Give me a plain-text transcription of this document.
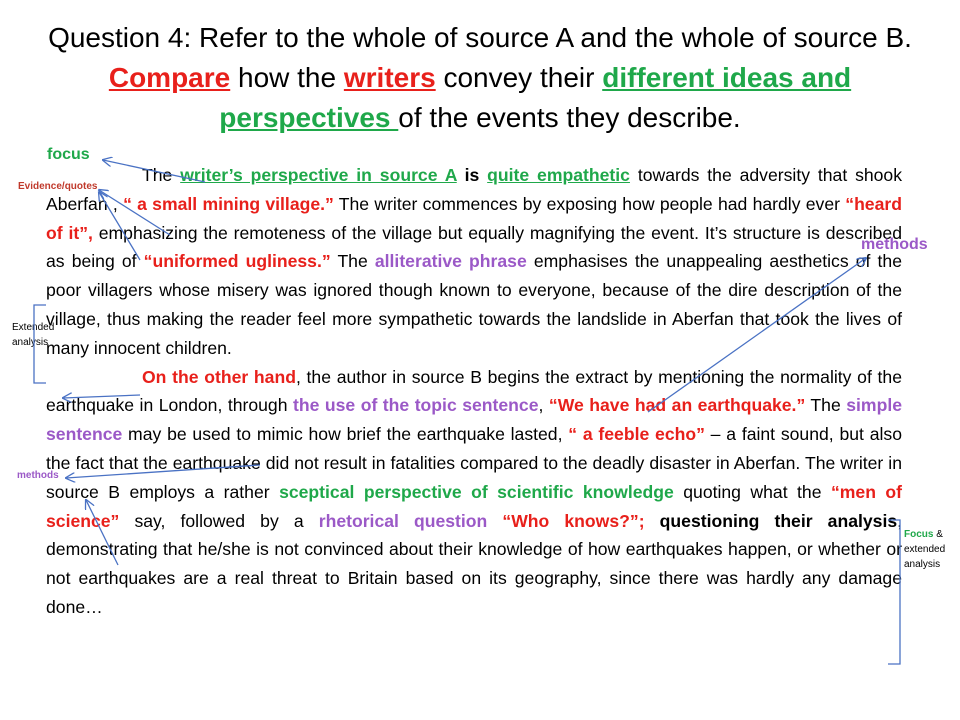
Question 4: Refer to the whole of source A and the whole of source B. Compare how the writers convey their different ideas and perspectives of the events they describe.

The writer’s perspective in source A is quite empathetic towards the adversity that shook Aberfan , “ a small mining village.” The writer commences by exposing how people had hardly ever “heard of it”, emphasizing the remoteness of the village but equally magnifying the event. It’s structure is described as being of “uniformed ugliness.” The alliterative phrase emphasises the unappealing aesthetics of the poor villagers whose misery was ignored though known to everyone, because of the dire description of the village, thus making the reader feel more sympathetic towards the landslide in Aberfan that took the lives of many innocent children.

On the other hand, the author in source B begins the extract by mentioning the normality of the earthquake in London, through the use of the topic sentence, “We have had an earthquake.” The simple sentence may be used to mimic how brief the earthquake lasted, “ a feeble echo” – a faint sound, but also the fact that the earthquake did not result in fatalities compared to the deadly disaster in Aberfan. The writer in source B employs a rather sceptical perspective of scientific knowledge quoting what the “men of science” say, followed by a rhetorical question “Who knows?”; questioning their analysis, demonstrating that he/she is not convinced about their knowledge of how earthquakes happen, or whether or not earthquakes are a real threat to Britain based on its geography, since there was hardly any damage done…

focus
Evidence/quotes
Extended analysis
methods
methods
Focus & extended analysis
